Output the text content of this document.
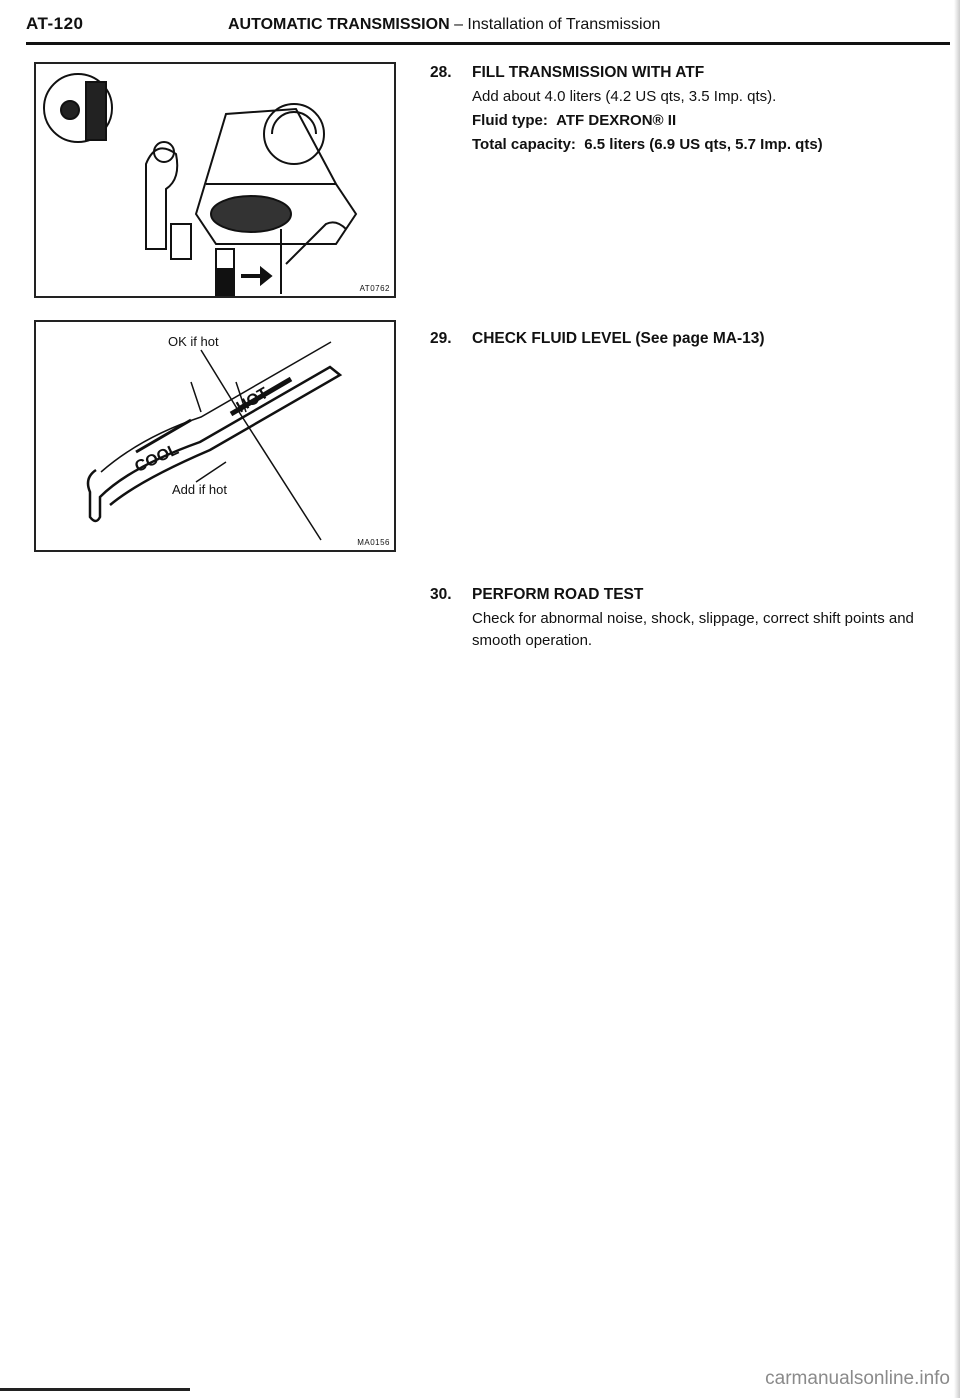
AT-120	AUTOMATIC TRANSMISSION – Installation of Transmission
AT0762
OK if hot
Add if hot
COOL
HOT
MA0156
28. FILL TRANSMISSION WITH ATF

Add about 4.0 liters (4.2 US qts, 3.5 Imp. qts).

Fluid type: ATF DEXRON® II

Total capacity: 6.5 liters (6.9 US qts, 5.7 Imp. qts)

29. CHECK FLUID LEVEL (See page MA-13)
30. PERFORM ROAD TEST

Check for abnormal noise, shock, slippage, correct shift points and smooth operation.

carmanualsonline.info
